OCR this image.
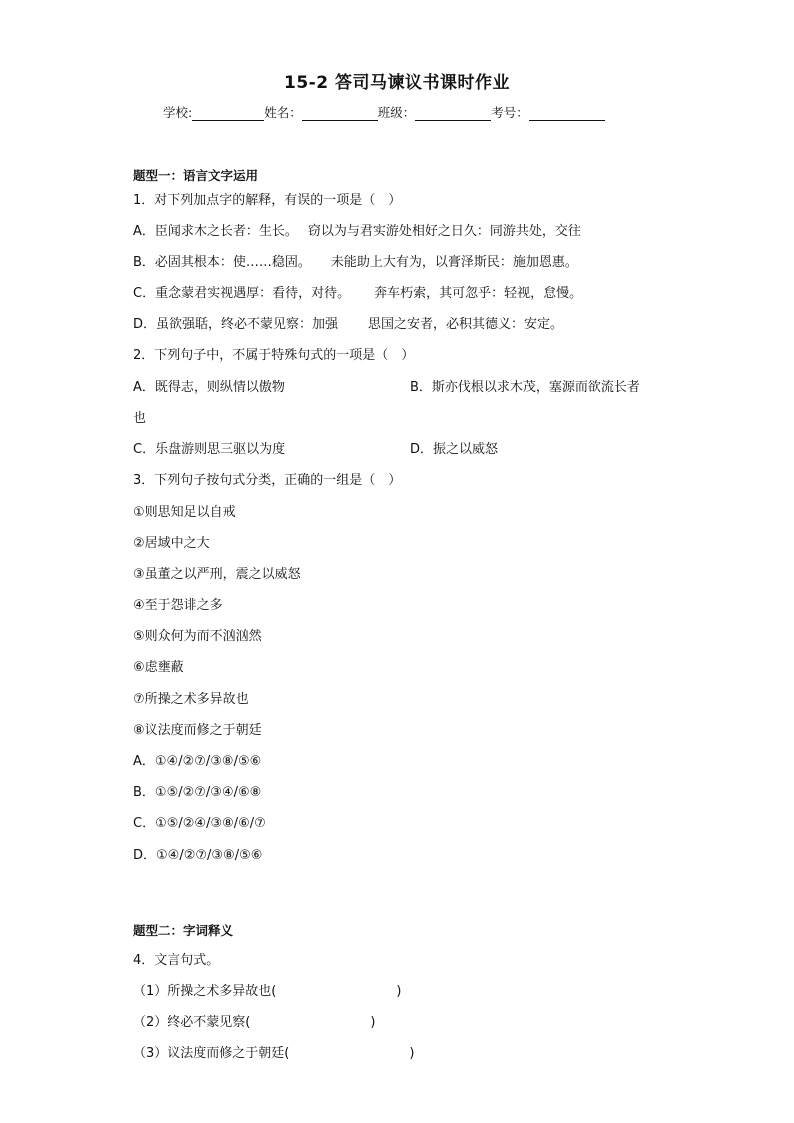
15-2 答司马谏议书课时作业
学校:	姓名：	班级：	考号：
题型一：语言文字运用
1．对下列加点字的解释，有误的一项是（　）
A．臣闻求木之长者：生长。 窃以为与君实游处相好之日久：同游共处，交往
B．必固其根本：使……稳固。 未能助上大有为，以膏泽斯民：施加恩惠。
C．重念蒙君实视遇厚：看待，对待。 奔车朽索，其可忽乎：轻视，怠慢。
D．虽欲强聒，终必不蒙见察：加强 思国之安者，必积其德义：安定。
2．下列句子中，不属于特殊句式的一项是（　）
A．既得志，则纵情以傲物	B．斯亦伐根以求木茂，塞源而欲流长者
也
C．乐盘游则思三驱以为度	D．振之以威怒
3．下列句子按句式分类，正确的一组是（　）
①则思知足以自戒
②居域中之大
③虽董之以严刑，震之以威怒
④至于怨诽之多
⑤则众何为而不汹汹然
⑥虑壅蔽
⑦所操之术多异故也
⑧议法度而修之于朝廷
A．①④/②⑦/③⑧/⑤⑥
B．①⑤/②⑦/③④/⑥⑧
C．①⑤/②④/③⑧/⑥/⑦
D．①④/②⑦/③⑧/⑤⑥
题型二：字词释义
4．文言句式。
（1）所操之术多异故也(	)
（2）终必不蒙见察(	)
（3）议法度而修之于朝廷(	)
